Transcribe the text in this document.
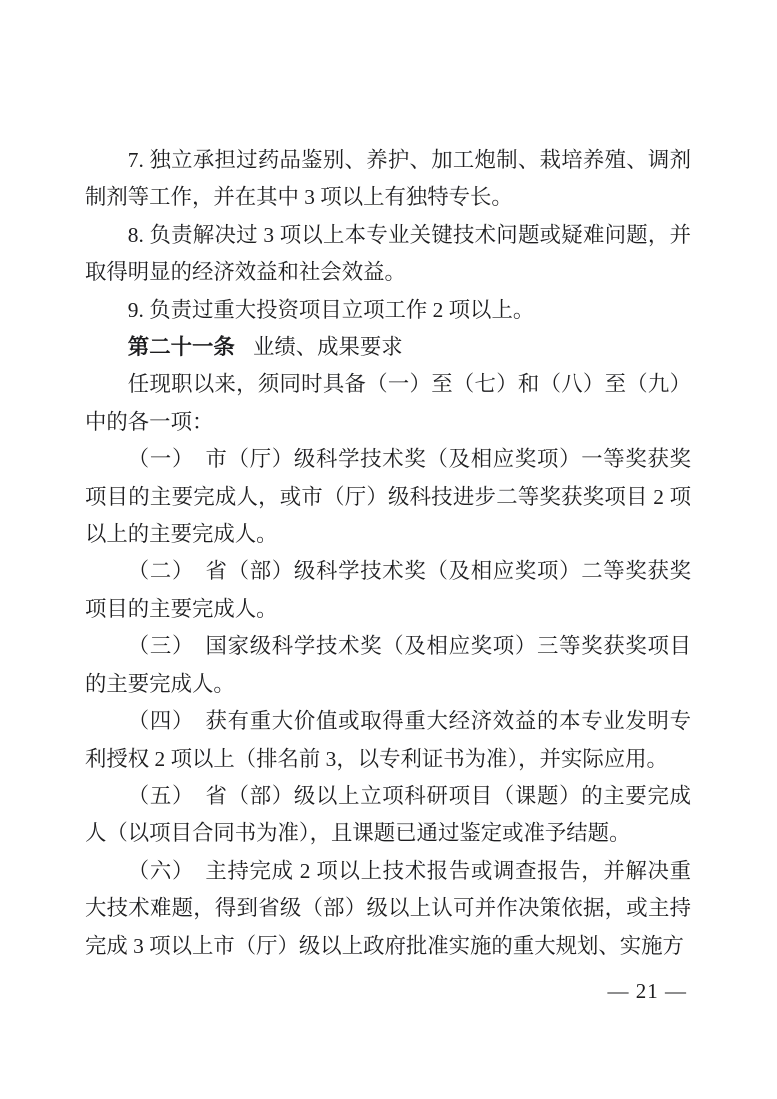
7. 独立承担过药品鉴别、养护、加工炮制、栽培养殖、调剂制剂等工作，并在其中 3 项以上有独特专长。

8. 负责解决过 3 项以上本专业关键技术问题或疑难问题，并取得明显的经济效益和社会效益。

9. 负责过重大投资项目立项工作 2 项以上。

第二十一条 业绩、成果要求

任现职以来，须同时具备（一）至（七）和（八）至（九）中的各一项：

（一）　市（厅）级科学技术奖（及相应奖项）一等奖获奖项目的主要完成人，或市（厅）级科技进步二等奖获奖项目 2 项以上的主要完成人。

（二）　省（部）级科学技术奖（及相应奖项）二等奖获奖项目的主要完成人。

（三）　国家级科学技术奖（及相应奖项）三等奖获奖项目的主要完成人。

（四）　获有重大价值或取得重大经济效益的本专业发明专利授权 2 项以上（排名前 3，以专利证书为准），并实际应用。

（五）　省（部）级以上立项科研项目（课题）的主要完成人（以项目合同书为准），且课题已通过鉴定或准予结题。

（六）　主持完成 2 项以上技术报告或调查报告，并解决重大技术难题，得到省级（部）级以上认可并作决策依据，或主持完成 3 项以上市（厅）级以上政府批准实施的重大规划、实施方

— 21 —
